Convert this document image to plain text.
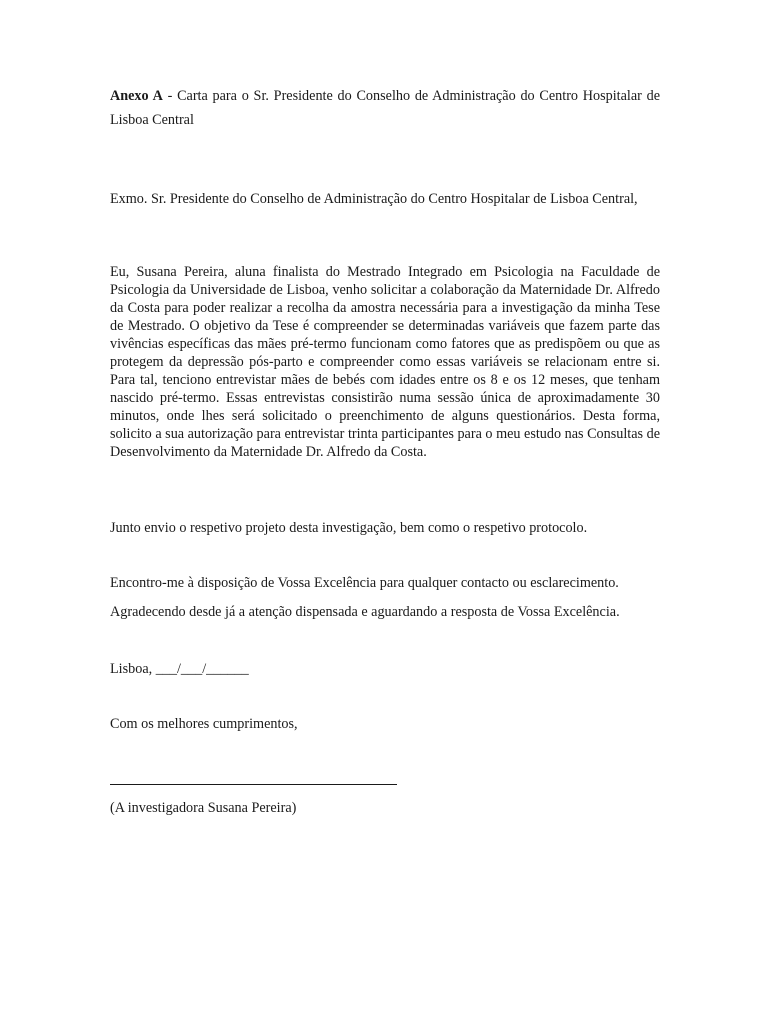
Anexo A - Carta para o Sr. Presidente do Conselho de Administração do Centro Hospitalar de Lisboa Central

Exmo. Sr. Presidente do Conselho de Administração do Centro Hospitalar de Lisboa Central,

Eu, Susana Pereira, aluna finalista do Mestrado Integrado em Psicologia na Faculdade de Psicologia da Universidade de Lisboa, venho solicitar a colaboração da Maternidade Dr. Alfredo da Costa para poder realizar a recolha da amostra necessária para a investigação da minha Tese de Mestrado. O objetivo da Tese é compreender se determinadas variáveis que fazem parte das vivências específicas das mães pré-termo funcionam como fatores que as predispõem ou que as protegem da depressão pós-parto e compreender como essas variáveis se relacionam entre si. Para tal, tenciono entrevistar mães de bebés com idades entre os 8 e os 12 meses, que tenham nascido pré-termo. Essas entrevistas consistirão numa sessão única de aproximadamente 30 minutos, onde lhes será solicitado o preenchimento de alguns questionários. Desta forma, solicito a sua autorização para entrevistar trinta participantes para o meu estudo nas Consultas de Desenvolvimento da Maternidade Dr. Alfredo da Costa.

Junto envio o respetivo projeto desta investigação, bem como o respetivo protocolo.

Encontro-me à disposição de Vossa Excelência para qualquer contacto ou esclarecimento.

Agradecendo desde já a atenção dispensada e aguardando a resposta de Vossa Excelência.

Lisboa, ___/___/______

Com os melhores cumprimentos,

(A investigadora Susana Pereira)
